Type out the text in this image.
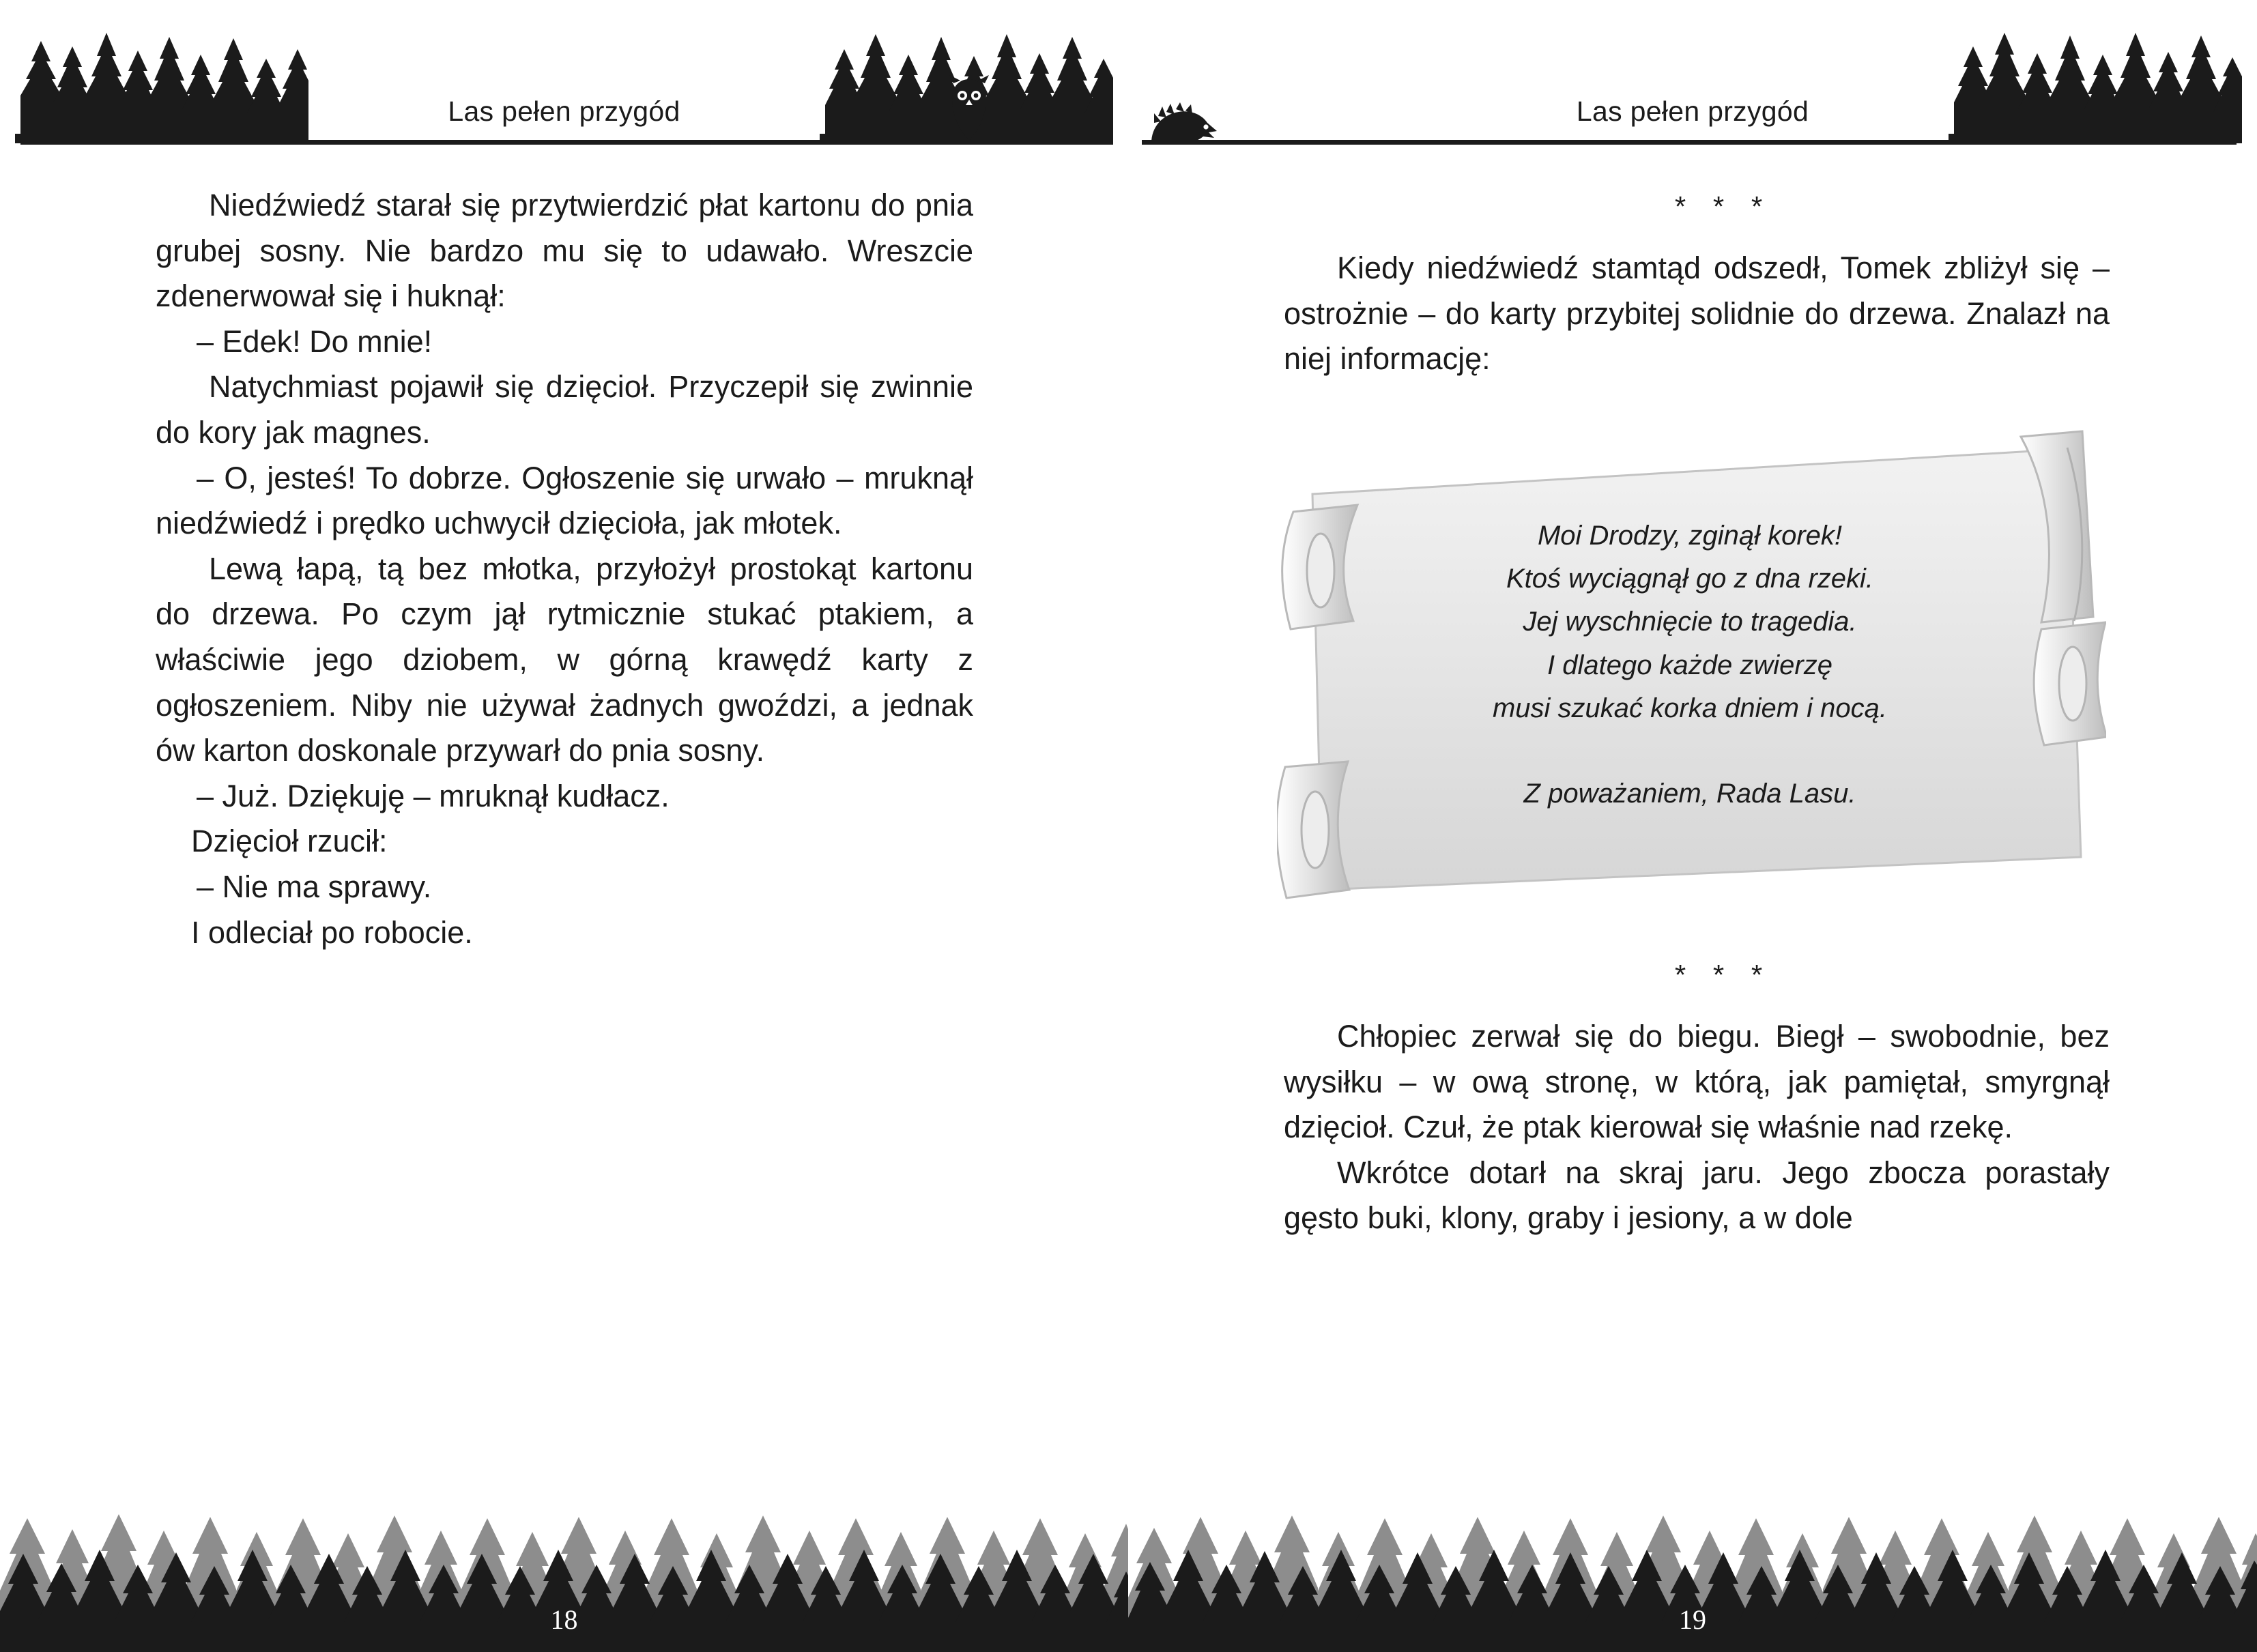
Las pełen przygód

Niedźwiedź starał się przytwierdzić płat kartonu do pnia grubej sosny. Nie bardzo mu się to udawało. Wreszcie zdenerwował się i huknął:

– Edek! Do mnie!

Natychmiast pojawił się dzięcioł. Przyczepił się zwinnie do kory jak magnes.

– O, jesteś! To dobrze. Ogłoszenie się urwało – mruknął niedźwiedź i prędko uchwycił dzięcioła, jak młotek.

Lewą łapą, tą bez młotka, przyłożył prostokąt kartonu do drzewa. Po czym jął rytmicznie stukać ptakiem, a właściwie jego dziobem, w górną krawędź karty z ogłoszeniem. Niby nie używał żadnych gwoździ, a jednak ów karton doskonale przywarł do pnia sosny.

– Już. Dziękuję – mruknął kudłacz.

Dzięcioł rzucił:

– Nie ma sprawy.

I odleciał po robocie.

18
Las pełen przygód

* * *

Kiedy niedźwiedź stamtąd odszedł, Tomek zbliżył się – ostrożnie – do karty przybitej solidnie do drzewa. Znalazł na niej informację:

Moi Drodzy, zginął korek!
Ktoś wyciągnął go z dna rzeki.
Jej wyschnięcie to tragedia.
I dlatego każde zwierzę
musi szukać korka dniem i nocą.
Z poważaniem, Rada Lasu.

* * *

Chłopiec zerwał się do biegu. Biegł – swobodnie, bez wysiłku – w ową stronę, w którą, jak pamiętał, smyrgnął dzięcioł. Czuł, że ptak kierował się właśnie nad rzekę.

Wkrótce dotarł na skraj jaru. Jego zbocza porastały gęsto buki, klony, graby i jesiony, a w dole

19
